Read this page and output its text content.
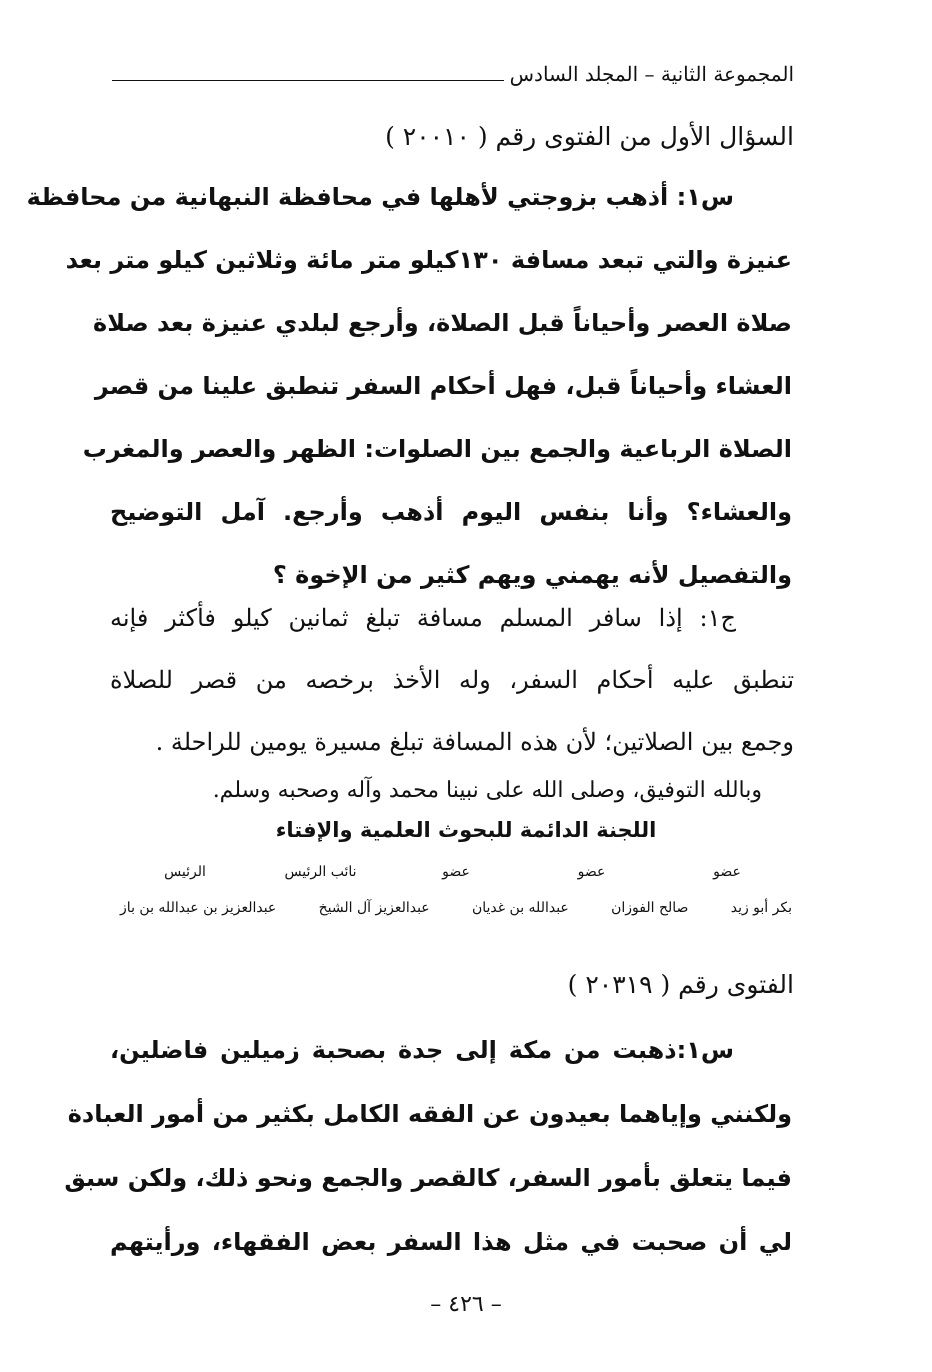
المجموعة الثانية – المجلد السادس
السؤال الأول من الفتوى رقم ( ٢٠٠١٠ )
س١: أذهب بزوجتي لأهلها في محافظة النبهانية من محافظة
عنيزة والتي تبعد مسافة ١٣٠كيلو متر مائة وثلاثين كيلو متر بعد
صلاة العصر وأحياناً قبل الصلاة، وأرجع لبلدي عنيزة بعد صلاة
العشاء وأحياناً قبل، فهل أحكام السفر تنطبق علينا من قصر
الصلاة الرباعية والجمع بين الصلوات: الظهر والعصر والمغرب
والعشاء؟ وأنا بنفس اليوم أذهب وأرجع. آمل التوضيح
والتفصيل لأنه يهمني ويهم كثير من الإخوة ؟
ج١: إذا سافر المسلم مسافة تبلغ ثمانين كيلو فأكثر فإنه
تنطبق عليه أحكام السفر، وله الأخذ برخصه من قصر للصلاة
وجمع بين الصلاتين؛ لأن هذه المسافة تبلغ مسيرة يومين للراحلة .
وبالله التوفيق، وصلى الله على نبينا محمد وآله وصحبه وسلم.
اللجنة الدائمة للبحوث العلمية والإفتاء
عضو
عضو
عضو
نائب الرئيس
الرئيس
بكر أبو زيد
صالح الفوزان
عبدالله بن غديان
عبدالعزيز آل الشيخ
عبدالعزيز بن عبدالله بن باز
الفتوى رقم ( ٢٠٣١٩ )
س١:ذهبت من مكة إلى جدة بصحبة زميلين فاضلين،
ولكنني وإياهما بعيدون عن الفقه الكامل بكثير من أمور العبادة
فيما يتعلق بأمور السفر، كالقصر والجمع ونحو ذلك، ولكن سبق
لي أن صحبت في مثل هذا السفر بعض الفقهاء، ورأيتهم
– ٤٢٦ –
